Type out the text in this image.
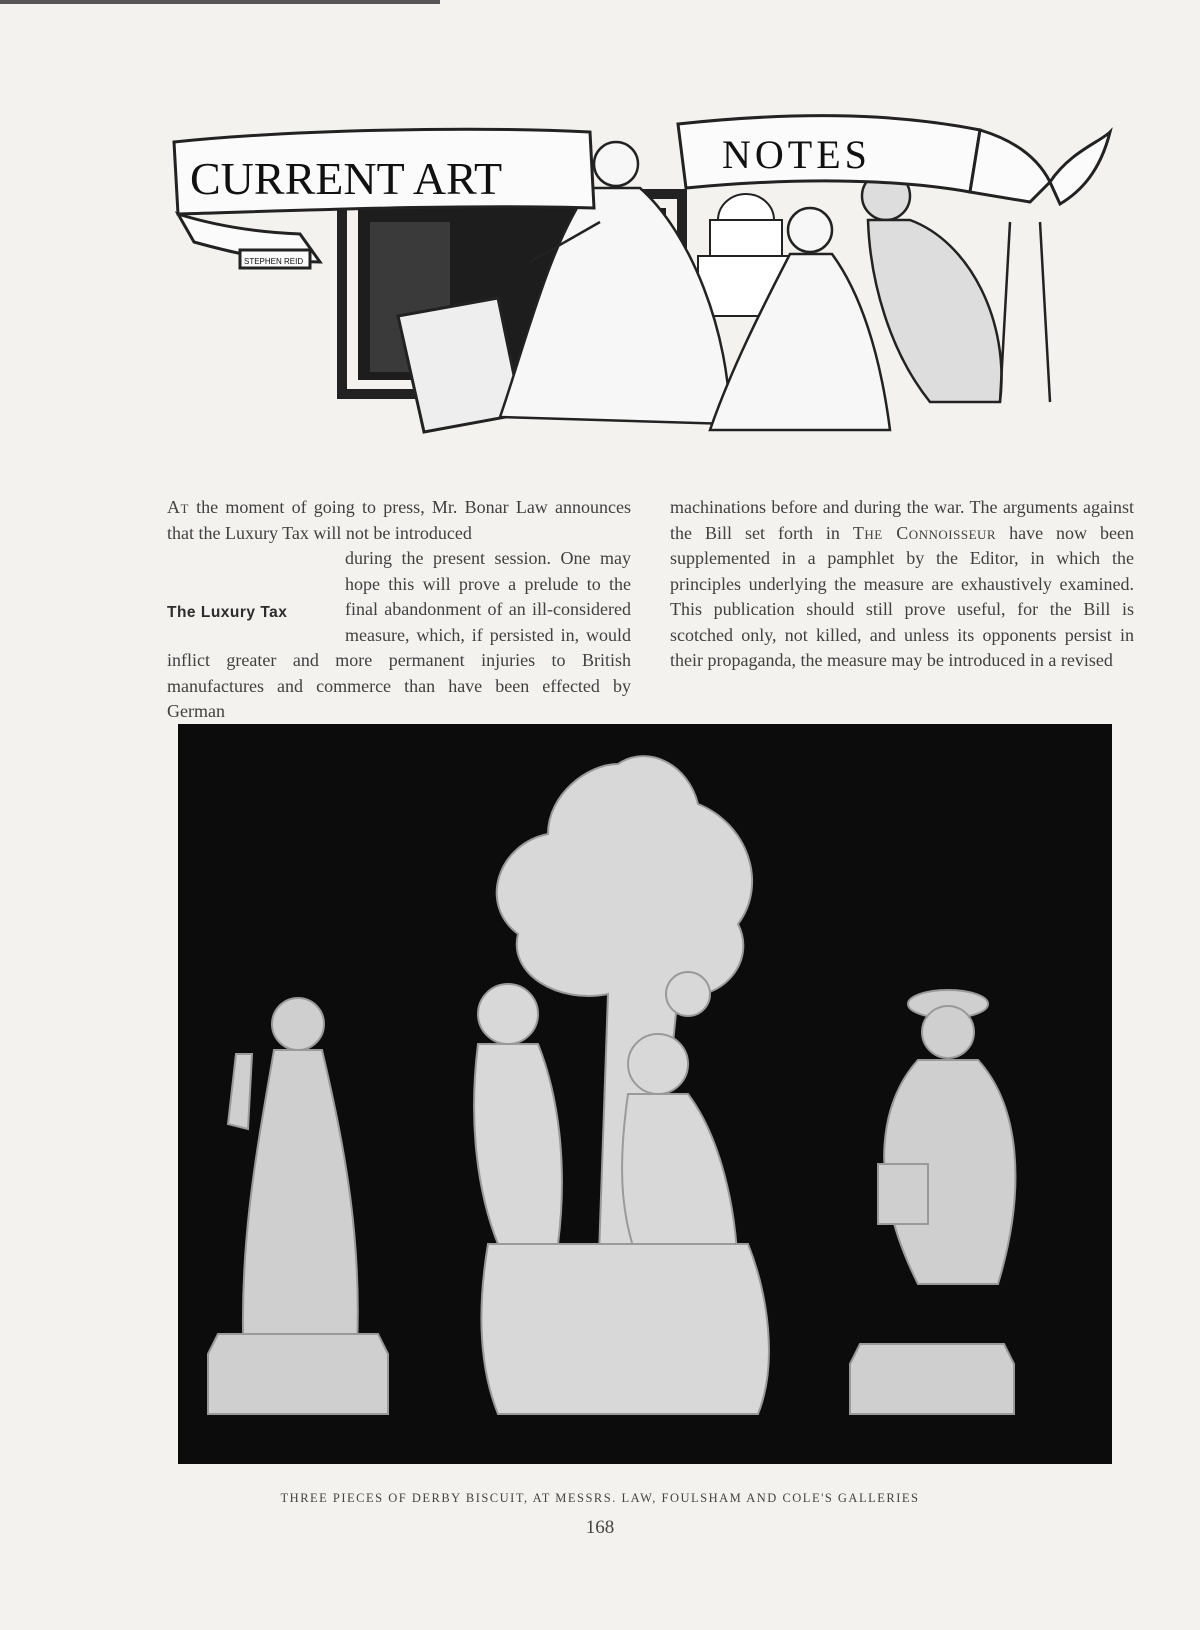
CURRENT ART	NOTES
STEPHEN REID

At the moment of going to press, Mr. Bonar Law announces that the Luxury Tax will not be introduced

The Luxury Tax

during the present session. One may hope this will prove a prelude to the final abandonment of an ill-considered measure, which, if persisted in, would inflict greater and more permanent injuries to British manufactures and commerce than have been effected by German

machinations before and during the war. The arguments against the Bill set forth in The Connoisseur have now been supplemented in a pamphlet by the Editor, in which the principles underlying the measure are exhaustively examined. This publication should still prove useful, for the Bill is scotched only, not killed, and unless its opponents persist in their propaganda, the measure may be introduced in a revised

THREE PIECES OF DERBY BISCUIT, AT MESSRS. LAW, FOULSHAM AND COLE'S GALLERIES
168
